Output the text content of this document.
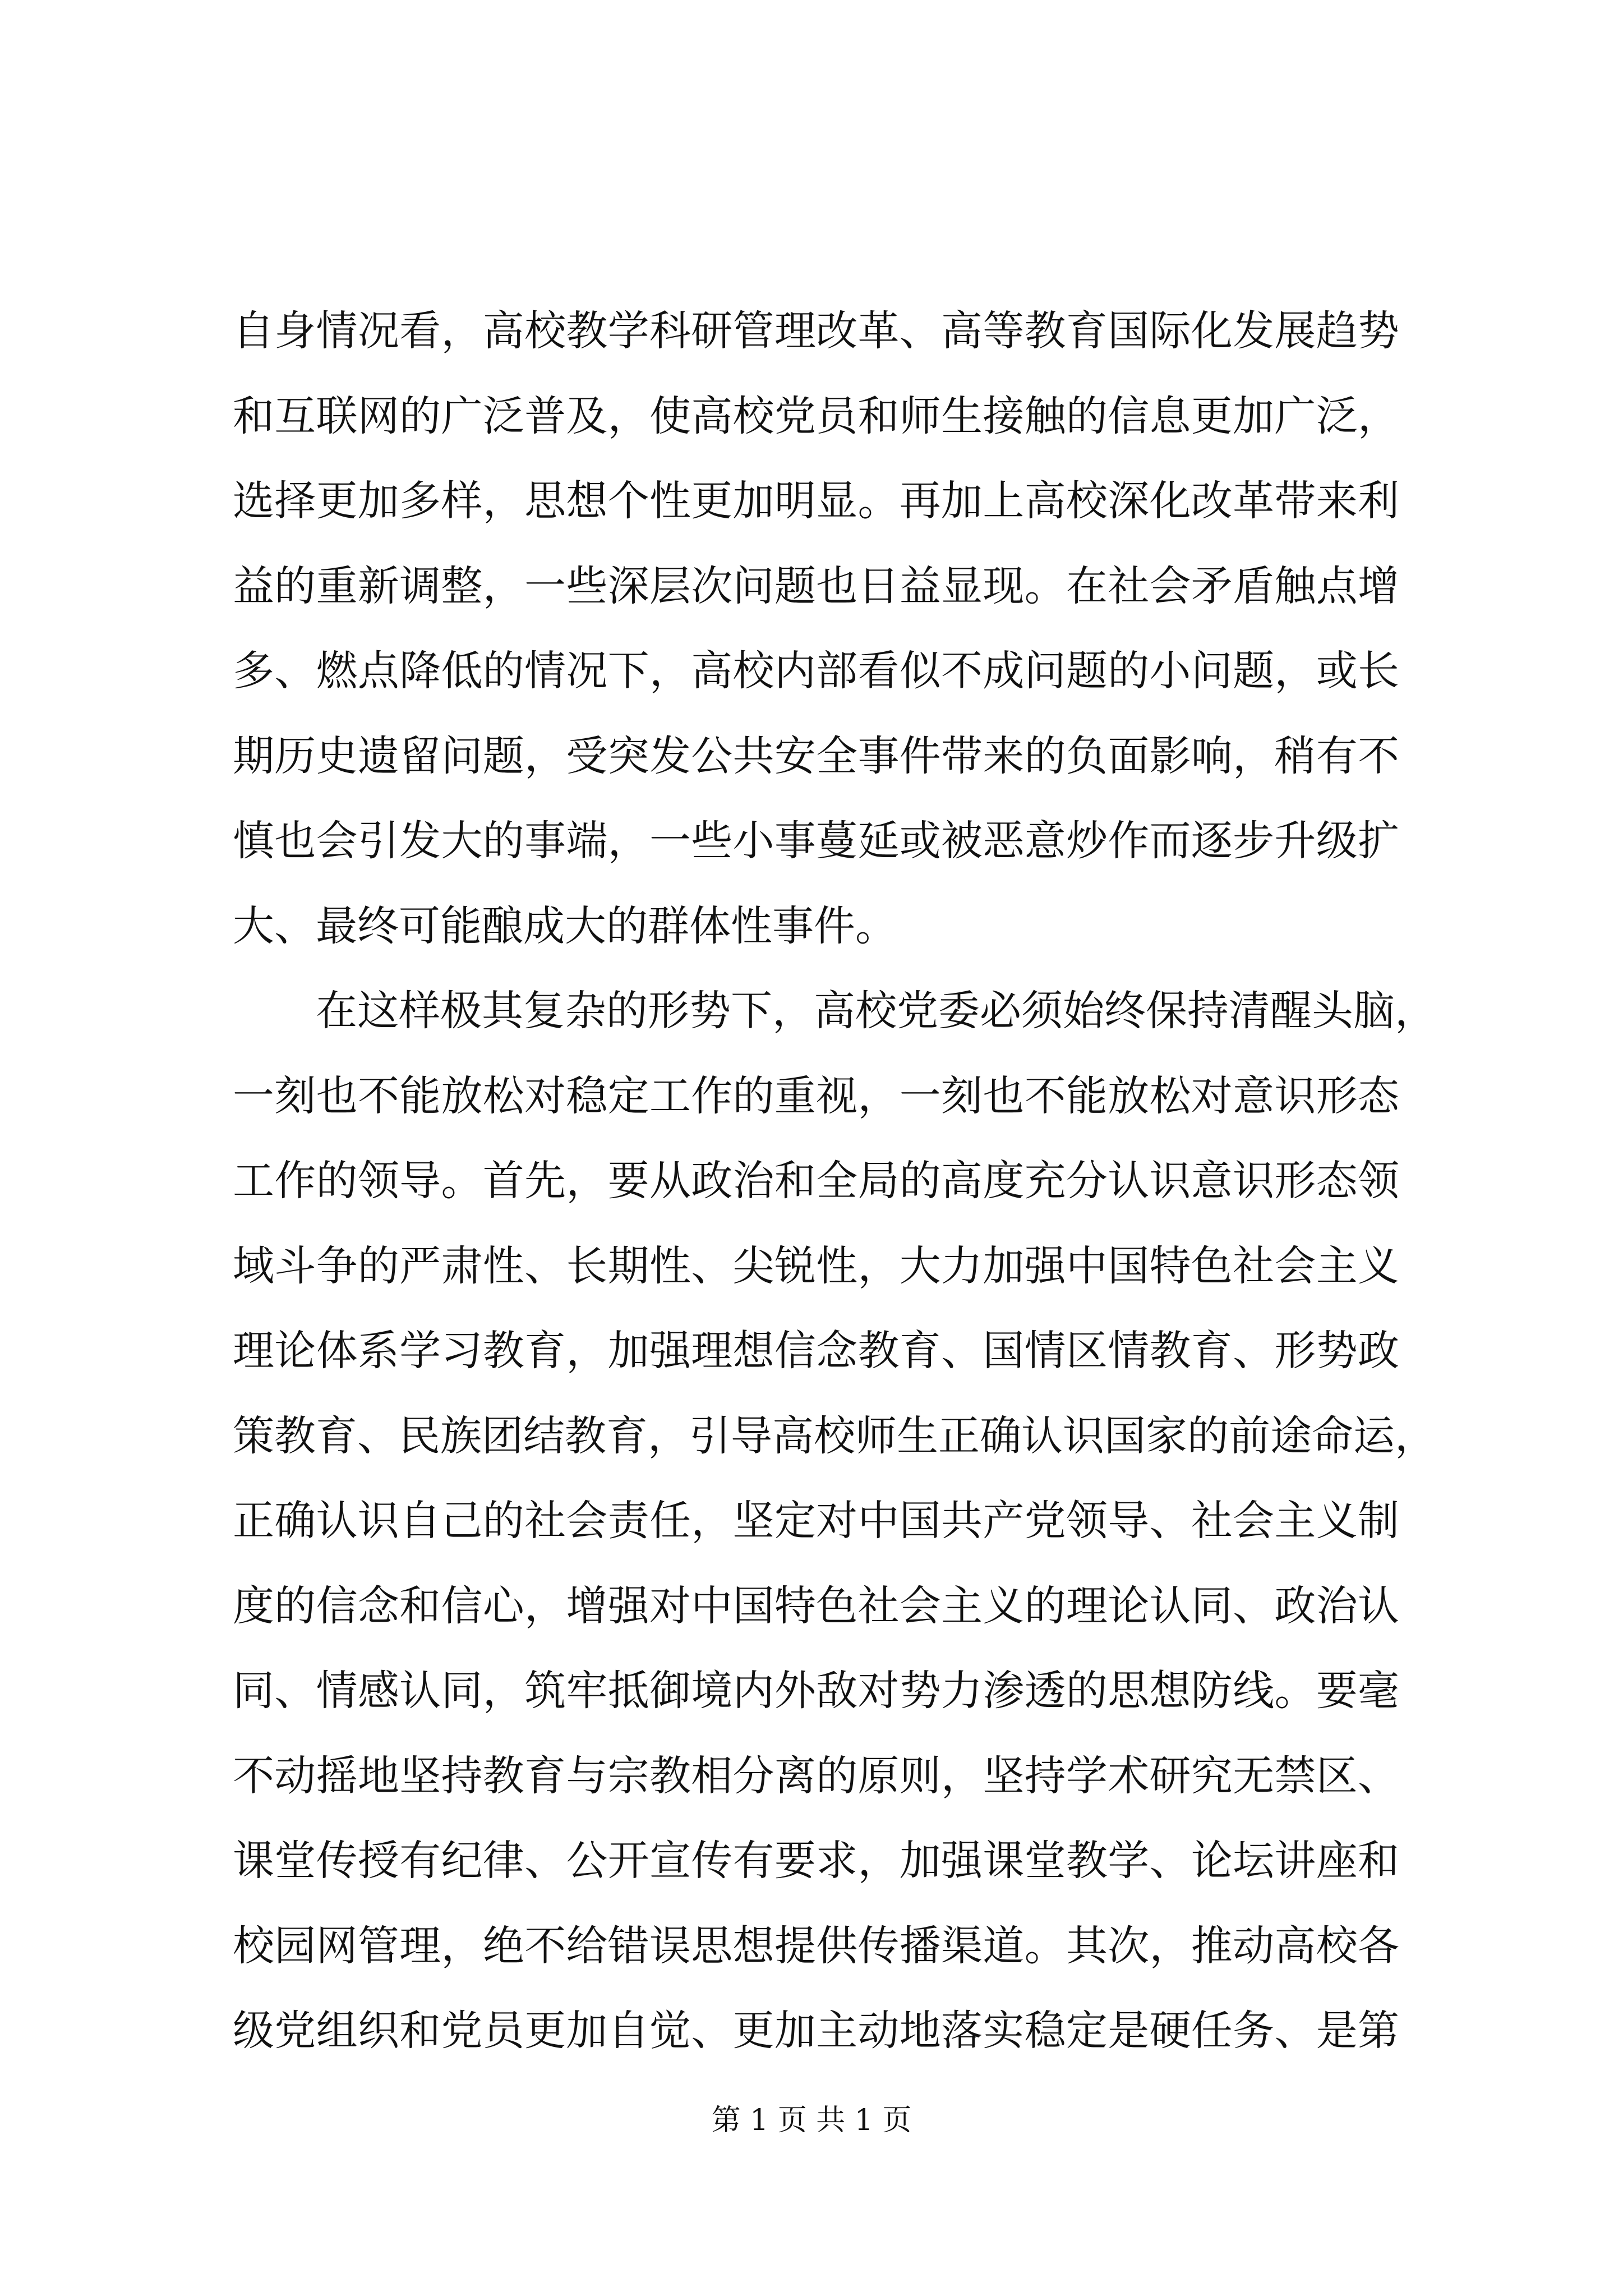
自身情况看，高校教学科研管理改革、高等教育国际化发展趋势
和互联网的广泛普及，使高校党员和师生接触的信息更加广泛，
选择更加多样，思想个性更加明显。再加上高校深化改革带来利
益的重新调整，一些深层次问题也日益显现。在社会矛盾触点增
多、燃点降低的情况下，高校内部看似不成问题的小问题，或长
期历史遗留问题，受突发公共安全事件带来的负面影响，稍有不
慎也会引发大的事端，一些小事蔓延或被恶意炒作而逐步升级扩
大、最终可能酿成大的群体性事件。
在这样极其复杂的形势下，高校党委必须始终保持清醒头脑，
一刻也不能放松对稳定工作的重视，一刻也不能放松对意识形态
工作的领导。首先，要从政治和全局的高度充分认识意识形态领
域斗争的严肃性、长期性、尖锐性，大力加强中国特色社会主义
理论体系学习教育，加强理想信念教育、国情区情教育、形势政
策教育、民族团结教育，引导高校师生正确认识国家的前途命运，
正确认识自己的社会责任，坚定对中国共产党领导、社会主义制
度的信念和信心，增强对中国特色社会主义的理论认同、政治认
同、情感认同，筑牢抵御境内外敌对势力渗透的思想防线。要毫
不动摇地坚持教育与宗教相分离的原则，坚持学术研究无禁区、
课堂传授有纪律、公开宣传有要求，加强课堂教学、论坛讲座和
校园网管理，绝不给错误思想提供传播渠道。其次，推动高校各
级党组织和党员更加自觉、更加主动地落实稳定是硬任务、是第
第 1 页 共 1 页
